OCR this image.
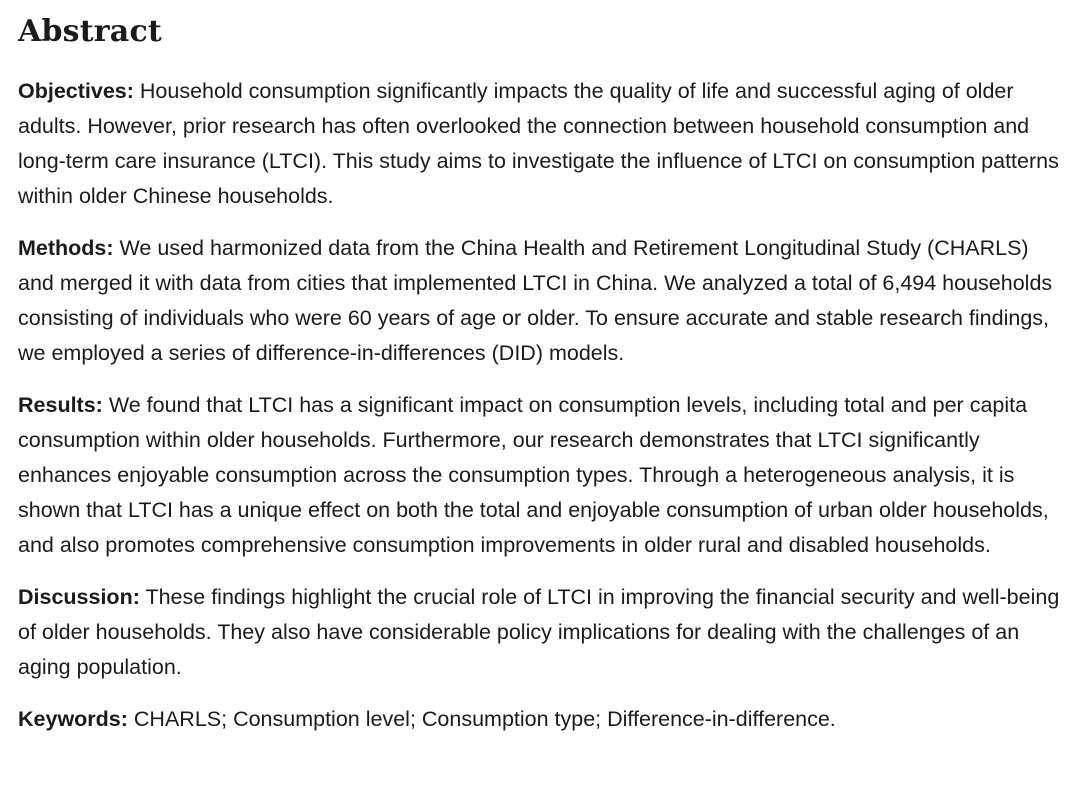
Abstract

Objectives: Household consumption significantly impacts the quality of life and successful aging of older adults. However, prior research has often overlooked the connection between household consumption and long-term care insurance (LTCI). This study aims to investigate the influence of LTCI on consumption patterns within older Chinese households.

Methods: We used harmonized data from the China Health and Retirement Longitudinal Study (CHARLS) and merged it with data from cities that implemented LTCI in China. We analyzed a total of 6,494 households consisting of individuals who were 60 years of age or older. To ensure accurate and stable research findings, we employed a series of difference-in-differences (DID) models.

Results: We found that LTCI has a significant impact on consumption levels, including total and per capita consumption within older households. Furthermore, our research demonstrates that LTCI significantly enhances enjoyable consumption across the consumption types. Through a heterogeneous analysis, it is shown that LTCI has a unique effect on both the total and enjoyable consumption of urban older households, and also promotes comprehensive consumption improvements in older rural and disabled households.

Discussion: These findings highlight the crucial role of LTCI in improving the financial security and well-being of older households. They also have considerable policy implications for dealing with the challenges of an aging population.

Keywords: CHARLS; Consumption level; Consumption type; Difference-in-difference.
